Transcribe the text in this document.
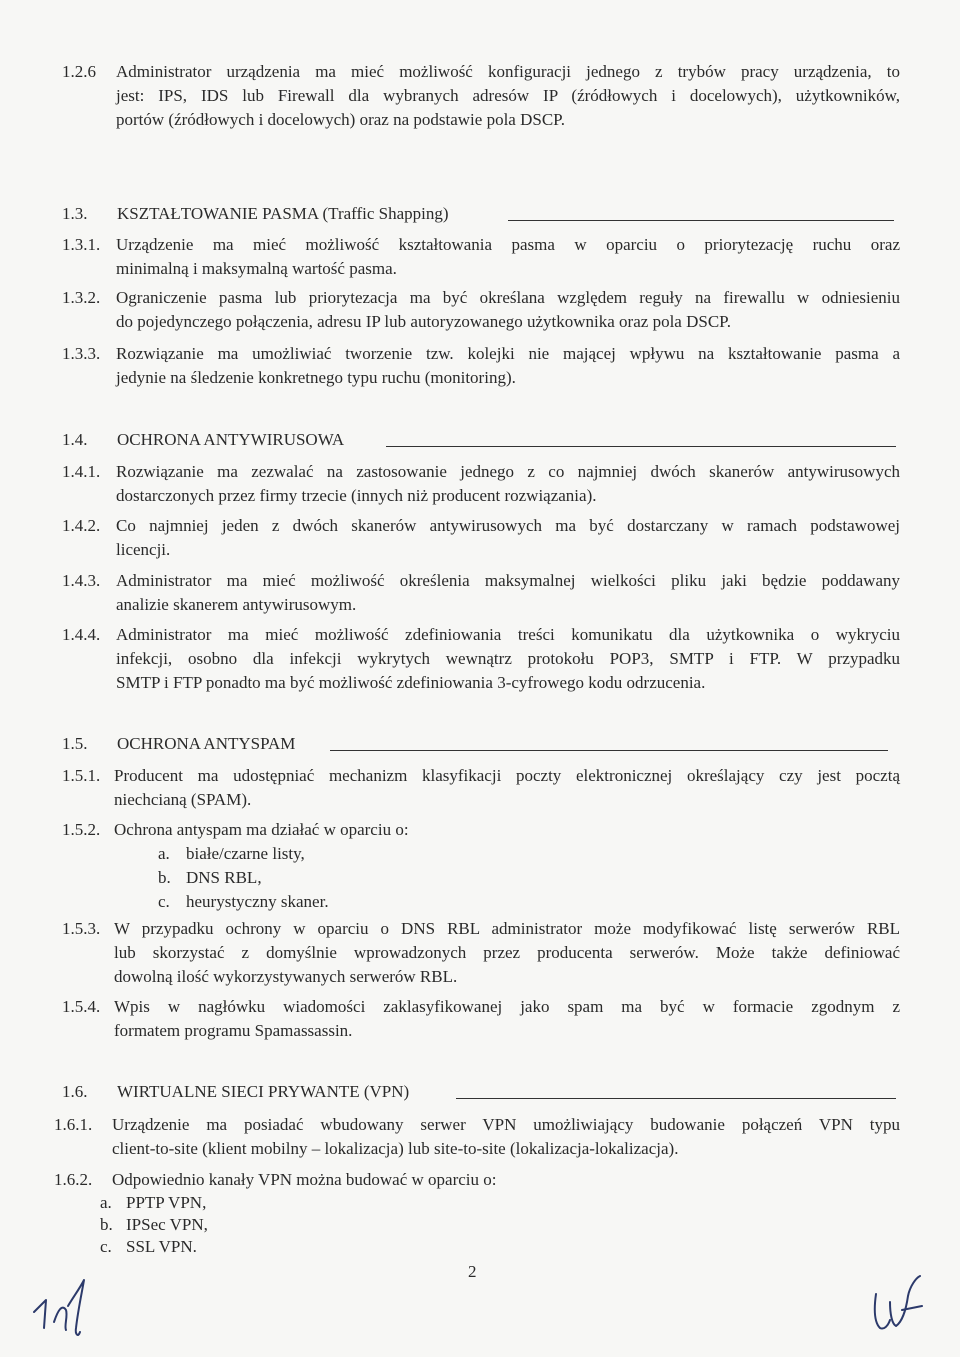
1.2.6 Administrator urządzenia ma mieć możliwość konfiguracji jednego z trybów pracy urządzenia, to
jest: IPS, IDS lub Firewall dla wybranych adresów IP (źródłowych i docelowych), użytkowników,
portów (źródłowych i docelowych) oraz na podstawie pola DSCP.
1.3. KSZTAŁTOWANIE PASMA (Traffic Shapping)
1.3.1. Urządzenie ma mieć możliwość kształtowania pasma w oparciu o priorytezację ruchu oraz
minimalną i maksymalną wartość pasma.
1.3.2. Ograniczenie pasma lub priorytezacja ma być określana względem reguły na firewallu w odniesieniu
do pojedynczego połączenia, adresu IP lub autoryzowanego użytkownika oraz pola DSCP.
1.3.3. Rozwiązanie ma umożliwiać tworzenie tzw. kolejki nie mającej wpływu na kształtowanie pasma a
jedynie na śledzenie konkretnego typu ruchu (monitoring).
1.4. OCHRONA ANTYWIRUSOWA
1.4.1. Rozwiązanie ma zezwalać na zastosowanie jednego z co najmniej dwóch skanerów antywirusowych
dostarczonych przez firmy trzecie (innych niż producent rozwiązania).
1.4.2. Co najmniej jeden z dwóch skanerów antywirusowych ma być dostarczany w ramach podstawowej
licencji.
1.4.3. Administrator ma mieć możliwość określenia maksymalnej wielkości pliku jaki będzie poddawany
analizie skanerem antywirusowym.
1.4.4. Administrator ma mieć możliwość zdefiniowania treści komunikatu dla użytkownika o wykryciu
infekcji, osobno dla infekcji wykrytych wewnątrz protokołu POP3, SMTP i FTP. W przypadku
SMTP i FTP ponadto ma być możliwość zdefiniowania 3-cyfrowego kodu odrzucenia.
1.5. OCHRONA ANTYSPAM
1.5.1. Producent ma udostępniać mechanizm klasyfikacji poczty elektronicznej określający czy jest pocztą
niechcianą (SPAM).
1.5.2. Ochrona antyspam ma działać w oparciu o:
a. białe/czarne listy,
b. DNS RBL,
c. heurystyczny skaner.
1.5.3. W przypadku ochrony w oparciu o DNS RBL administrator może modyfikować listę serwerów RBL
lub skorzystać z domyślnie wprowadzonych przez producenta serwerów. Może także definiować
dowolną ilość wykorzystywanych serwerów RBL.
1.5.4. Wpis w nagłówku wiadomości zaklasyfikowanej jako spam ma być w formacie zgodnym z
formatem programu Spamassassin.
1.6. WIRTUALNE SIECI PRYWANTE (VPN)
1.6.1. Urządzenie ma posiadać wbudowany serwer VPN umożliwiający budowanie połączeń VPN typu
client-to-site (klient mobilny – lokalizacja) lub site-to-site (lokalizacja-lokalizacja).
1.6.2. Odpowiednio kanały VPN można budować w oparciu o:
a. PPTP VPN,
b. IPSec VPN,
c. SSL VPN.
2
